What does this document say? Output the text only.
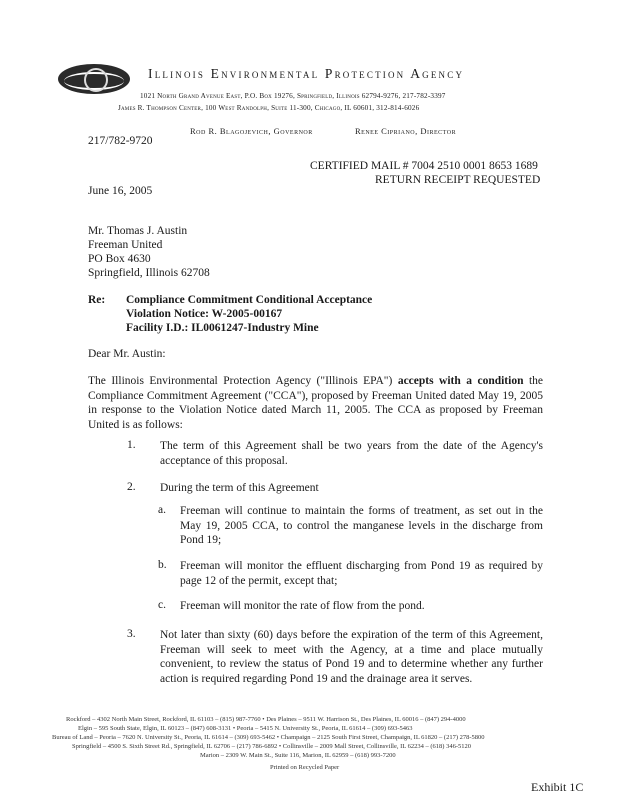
Illinois Environmental Protection Agency
1021 North Grand Avenue East, P.O. Box 19276, Springfield, Illinois 62794-9276, 217-782-3397
James R. Thompson Center, 100 West Randolph, Suite 11-300, Chicago, IL 60601, 312-814-6026
Rod R. Blagojevich, Governor	Renee Cipriano, Director
217/782-9720
CERTIFIED MAIL # 7004 2510 0001 8653 1689
RETURN RECEIPT REQUESTED
June 16, 2005
Mr. Thomas J. Austin
Freeman United
PO Box 4630
Springfield, Illinois 62708
Re: Compliance Commitment Conditional Acceptance
Violation Notice: W-2005-00167
Facility I.D.: IL0061247-Industry Mine
Dear Mr. Austin:
The Illinois Environmental Protection Agency ("Illinois EPA") accepts with a condition the Compliance Commitment Agreement ("CCA"), proposed by Freeman United dated May 19, 2005 in response to the Violation Notice dated March 11, 2005. The CCA as proposed by Freeman United is as follows:
1. The term of this Agreement shall be two years from the date of the Agency's acceptance of this proposal.
2. During the term of this Agreement
a. Freeman will continue to maintain the forms of treatment, as set out in the May 19, 2005 CCA, to control the manganese levels in the discharge from Pond 19;
b. Freeman will monitor the effluent discharging from Pond 19 as required by page 12 of the permit, except that;
c. Freeman will monitor the rate of flow from the pond.
3. Not later than sixty (60) days before the expiration of the term of this Agreement, Freeman will seek to meet with the Agency, at a time and place mutually convenient, to review the status of Pond 19 and to determine whether any further action is required regarding Pond 19 and the drainage area it serves.
Rockford – 4302 North Main Street, Rockford, IL 61103 – (815) 987-7760 • Des Plaines – 9511 W. Harrison St., Des Plaines, IL 60016 – (847) 294-4000
Elgin – 595 South State, Elgin, IL 60123 – (847) 608-3131 • Peoria – 5415 N. University St., Peoria, IL 61614 – (309) 693-5463
Bureau of Land – Peoria – 7620 N. University St., Peoria, IL 61614 – (309) 693-5462 • Champaign – 2125 South First Street, Champaign, IL 61820 – (217) 278-5800
Springfield – 4500 S. Sixth Street Rd., Springfield, IL 62706 – (217) 786-6892 • Collinsville – 2009 Mall Street, Collinsville, IL 62234 – (618) 346-5120
Marion – 2309 W. Main St., Suite 116, Marion, IL 62959 – (618) 993-7200
Printed on Recycled Paper
Exhibit 1C
